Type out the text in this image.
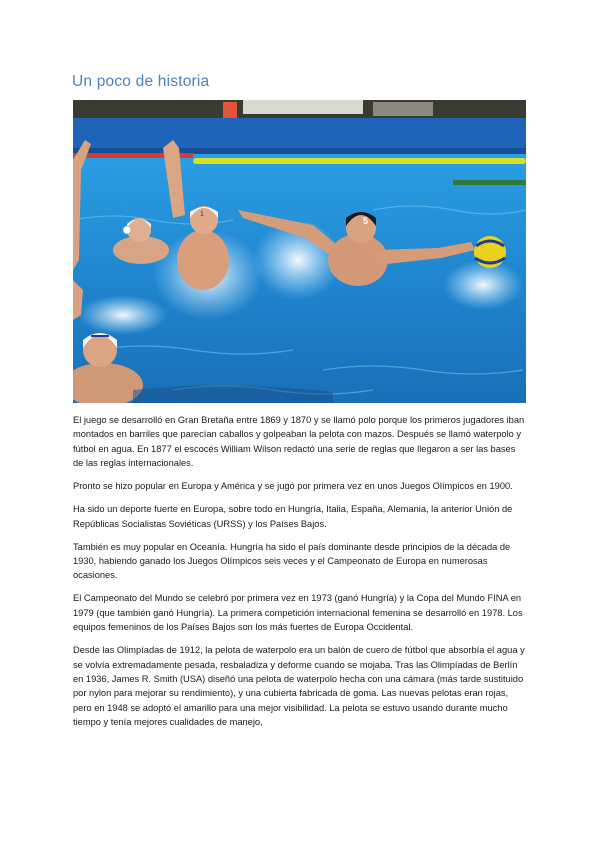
Un poco de historia
1
5

El juego se desarrolló en Gran Bretaña entre 1869 y 1870 y se llamó polo porque los primeros jugadores iban montados en barriles que parecían caballos y golpeaban la pelota con mazos. Después se llamó waterpolo y fútbol en agua. En 1877 el escocés William Wilson redactó una serie de reglas que llegaron a ser las bases de las reglas internacionales.

Pronto se hizo popular en Europa y América y se jugó por primera vez en unos Juegos Olímpicos en 1900.

Ha sido un deporte fuerte en Europa, sobre todo en Hungría, Italia, España, Alemania, la anterior Unión de Repúblicas Socialistas Soviéticas (URSS) y los Países Bajos.

También es muy popular en Oceanía. Hungría ha sido el país dominante desde principios de la década de 1930, habiendo ganado los Juegos Olímpicos seis veces y el Campeonato de Europa en numerosas ocasiones.

El Campeonato del Mundo se celebró por primera vez en 1973 (ganó Hungría) y la Copa del Mundo FINA en 1979 (que también ganó Hungría). La primera competición internacional femenina se desarrolló en 1978. Los equipos femeninos de los Países Bajos son los más fuertes de Europa Occidental.

Desde las Olimpíadas de 1912, la pelota de waterpolo era un balón de cuero de fútbol que absorbía el agua y se volvía extremadamente pesada, resbaladiza y deforme cuando se mojaba. Tras las Olimpíadas de Berlín en 1936, James R. Smith (USA) diseñó una pelota de waterpolo hecha con una cámara (más tarde sustituido por nylon para mejorar su rendimiento), y una cubierta fabricada de goma. Las nuevas pelotas eran rojas, pero en 1948 se adoptó el amarillo para una mejor visibilidad. La pelota se estuvo usando durante mucho tiempo y tenía mejores cualidades de manejo,
